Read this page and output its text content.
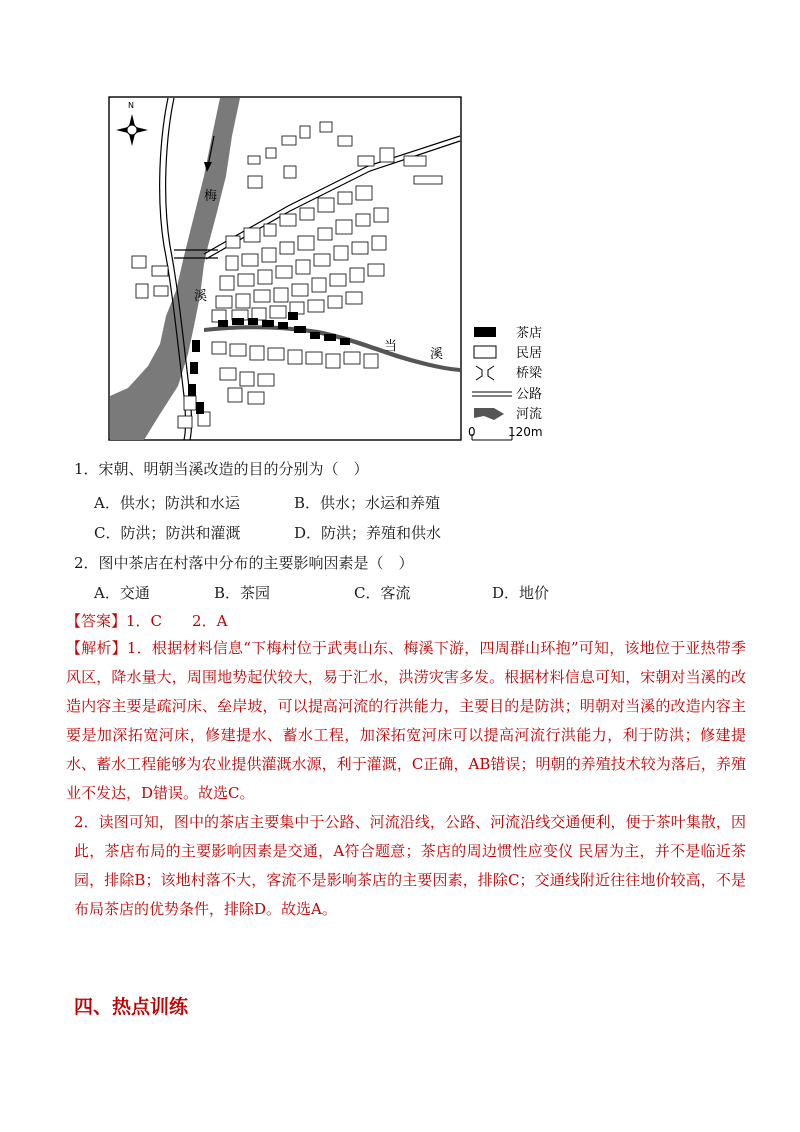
梅
溪
当
溪
N
茶店
民居
桥梁
公路
河流
0	120m
1．宋朝、明朝当溪改造的目的分别为（　）
A．供水；防洪和水运	B．供水；水运和养殖
C．防洪；防洪和灌溉	D．防洪；养殖和供水
2．图中茶店在村落中分布的主要影响因素是（　）
A．交通	B．茶园	C．客流	D．地价
【答案】1．C　　2．A

【解析】1．根据材料信息“下梅村位于武夷山东、梅溪下游，四周群山环抱”可知，该地位于亚热带季风区，降水量大，周围地势起伏较大，易于汇水，洪涝灾害多发。根据材料信息可知，宋朝对当溪的改造内容主要是疏河床、垒岸坡，可以提高河流的行洪能力，主要目的是防洪；明朝对当溪的改造内容主要是加深拓宽河床，修建提水、蓄水工程，加深拓宽河床可以提高河流行洪能力，利于防洪；修建提水、蓄水工程能够为农业提供灌溉水源，利于灌溉，C正确，AB错误；明朝的养殖技术较为落后，养殖业不发达，D错误。故选C。

2．读图可知，图中的茶店主要集中于公路、河流沿线，公路、河流沿线交通便利，便于茶叶集散，因此，茶店布局的主要影响因素是交通，A符合题意；茶店的周边惯性应变仪 民居为主，并不是临近茶园，排除B；该地村落不大，客流不是影响茶店的主要因素，排除C；交通线附近往往地价较高，不是布局茶店的优势条件，排除D。故选A。

四、热点训练
